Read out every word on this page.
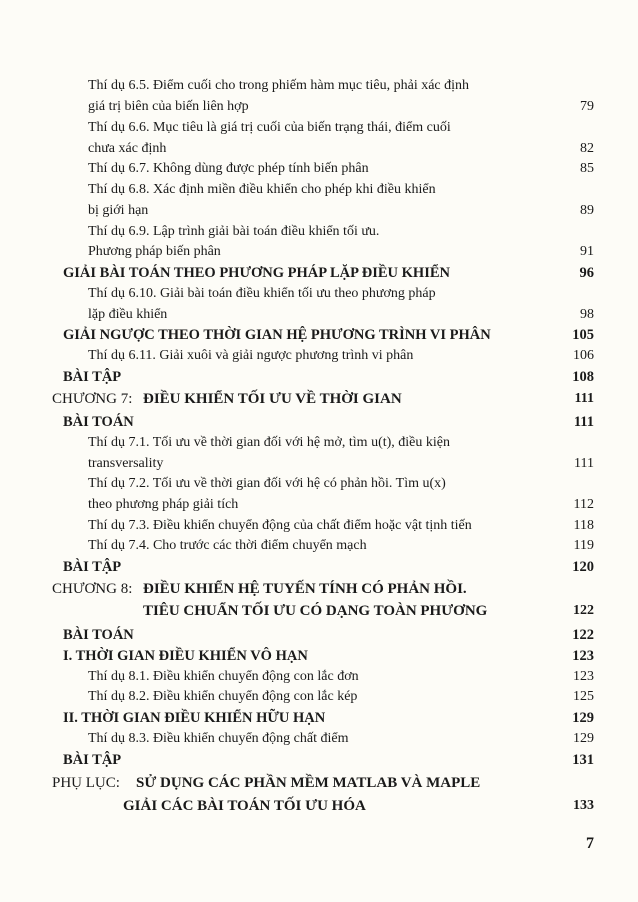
Thí dụ 6.5. Điểm cuối cho trong phiếm hàm mục tiêu, phải xác định
giá trị biên của biến liên hợp	79
Thí dụ 6.6. Mục tiêu là giá trị cuối của biến trạng thái, điểm cuối
chưa xác định	82
Thí dụ 6.7. Không dùng được phép tính biến phân	85
Thí dụ 6.8. Xác định miền điều khiển cho phép khi điều khiển
bị giới hạn	89
Thí dụ 6.9. Lập trình giải bài toán điều khiển tối ưu.
Phương pháp biến phân	91
GIẢI BÀI TOÁN THEO PHƯƠNG PHÁP LẶP ĐIỀU KHIỂN	96
Thí dụ 6.10. Giải bài toán điều khiển tối ưu theo phương pháp
lặp điều khiển	98
GIẢI NGƯỢC THEO THỜI GIAN HỆ PHƯƠNG TRÌNH VI PHÂN	105
Thí dụ 6.11. Giải xuôi và giải ngược phương trình vi phân	106
BÀI TẬP	108
CHƯƠNG 7: ĐIỀU KHIỂN TỐI ƯU VỀ THỜI GIAN	111
BÀI TOÁN	111
Thí dụ 7.1. Tối ưu về thời gian đối với hệ mở, tìm u(t), điều kiện
transversality	111
Thí dụ 7.2. Tối ưu về thời gian đối với hệ có phản hồi. Tìm u(x)
theo phương pháp giải tích	112
Thí dụ 7.3. Điều khiển chuyển động của chất điểm hoặc vật tịnh tiến	118
Thí dụ 7.4. Cho trước các thời điểm chuyển mạch	119
BÀI TẬP	120
CHƯƠNG 8: ĐIỀU KHIỂN HỆ TUYẾN TÍNH CÓ PHẢN HỒI.
TIÊU CHUẨN TỐI ƯU CÓ DẠNG TOÀN PHƯƠNG	122
BÀI TOÁN	122
I. THỜI GIAN ĐIỀU KHIỂN VÔ HẠN	123
Thí dụ 8.1. Điều khiển chuyển động con lắc đơn	123
Thí dụ 8.2. Điều khiển chuyển động con lắc kép	125
II. THỜI GIAN ĐIỀU KHIỂN HỮU HẠN	129
Thí dụ 8.3. Điều khiển chuyển động chất điểm	129
BÀI TẬP	131
PHỤ LỤC: SỬ DỤNG CÁC PHẦN MỀM MATLAB VÀ MAPLE
GIẢI CÁC BÀI TOÁN TỐI ƯU HÓA	133
7
